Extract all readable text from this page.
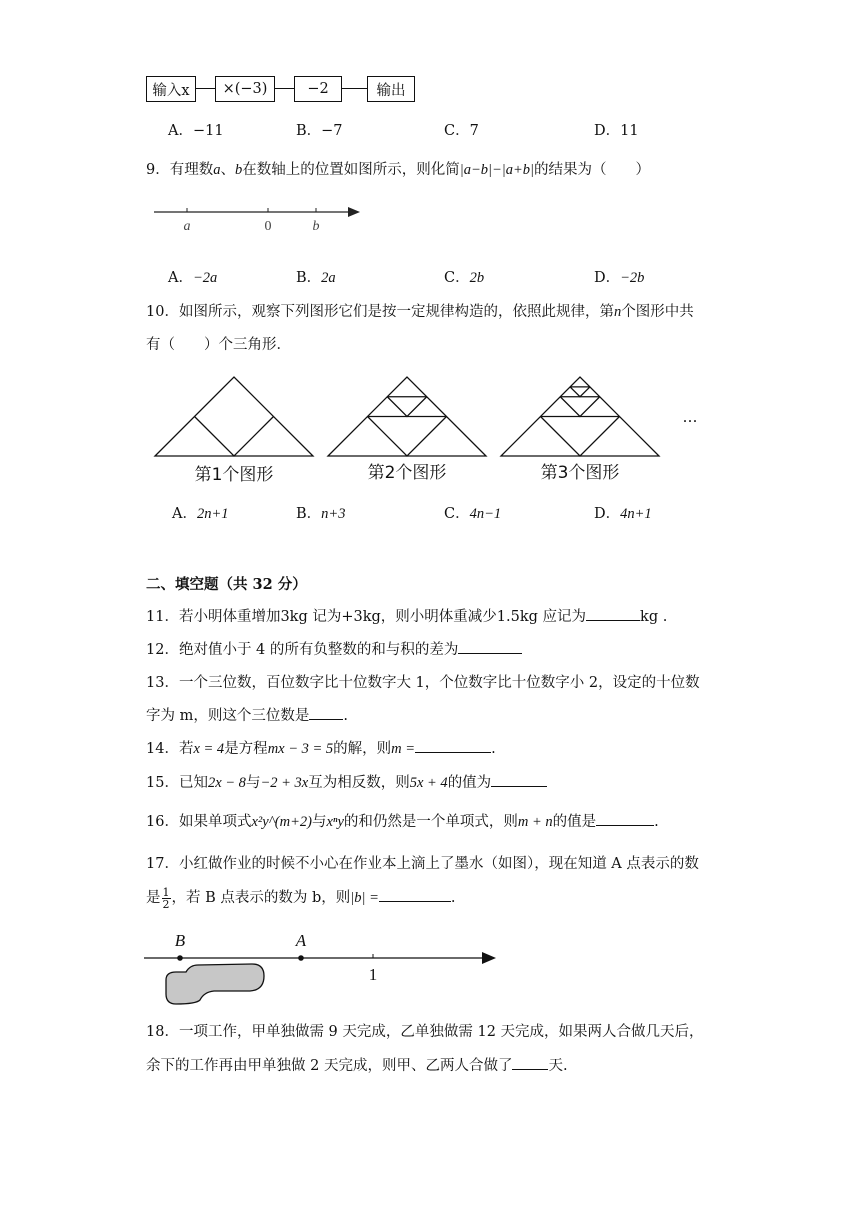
输入x ×(−3)	−2	输出
A．−11	B．−7	C．7	D．11
9．有理数a、b在数轴上的位置如图所示，则化简|a−b|−|a+b|的结果为（　　）
a	0	b
A．−2a	B．2a	C．2b	D．−2b
10．如图所示，观察下列图形它们是按一定规律构造的，依照此规律，第n个图形中共
有（　　）个三角形．
第1个图形	第2个图形	第3个图形
…
A．2n+1	B．n+3	C．4n−1	D．4n+1
二、填空题（共 32 分）
11．若小明体重增加3kg 记为+3kg，则小明体重减少1.5kg 应记为	kg .
12．绝对值小于 4 的所有负整数的和与积的差为
13．一个三位数，百位数字比十位数字大 1，个位数字比十位数字小 2，设定的十位数
字为 m，则这个三位数是 .
14．若x = 4是方程mx − 3 = 5的解，则m =	.
15．已知2x − 8与−2 + 3x互为相反数，则5x + 4的值为
16．如果单项式x²y^(m+2)与xⁿy的和仍然是一个单项式，则m + n的值是	.
17．小红做作业的时候不小心在作业本上滴上了墨水（如图），现在知道 A 点表示的数
是 $\frac{1}{2}$ ，若 B 点表示的数为 b，则|b| =	.
B	A
1
18．一项工作，甲单独做需 9 天完成，乙单独做需 12 天完成，如果两人合做几天后，
余下的工作再由甲单独做 2 天完成，则甲、乙两人合做了 天.
